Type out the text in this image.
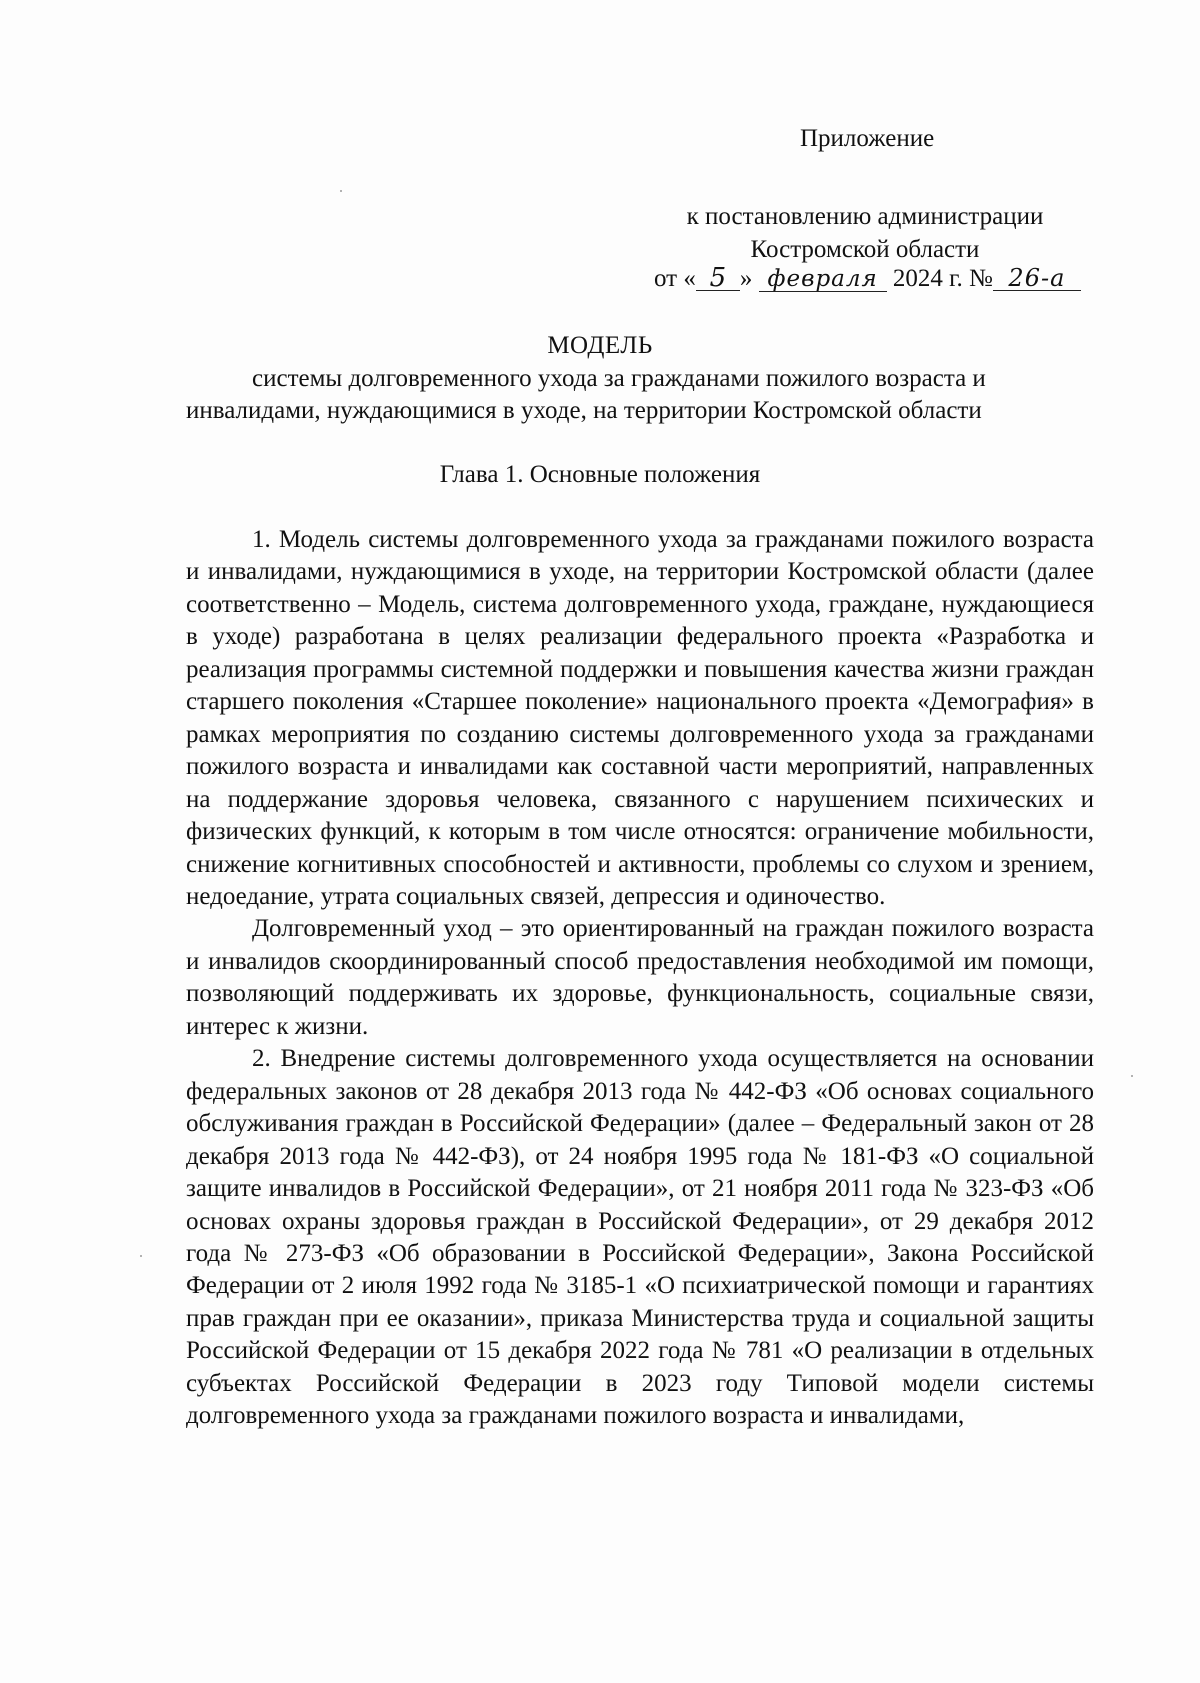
Приложение
к постановлению администрации
Костромской области
от « 5 » февраля 2024 г. № 26-а
МОДЕЛЬ
системы долговременного ухода за гражданами пожилого возраста и
инвалидами, нуждающимися в уходе, на территории Костромской области
Глава 1. Основные положения

1. Модель системы долговременного ухода за гражданами пожилого возраста и инвалидами, нуждающимися в уходе, на территории Костромской области (далее соответственно – Модель, система долговременного ухода, граждане, нуждающиеся в уходе) разработана в целях реализации федерального проекта «Разработка и реализация программы системной поддержки и повышения качества жизни граждан старшего поколения «Старшее поколение» национального проекта «Демография» в рамках мероприятия по созданию системы долговременного ухода за гражданами пожилого возраста и инвалидами как составной части мероприятий, направленных на поддержание здоровья человека, связанного с нарушением психических и физических функций, к которым в том числе относятся: ограничение мобильности, снижение когнитивных способностей и активности, проблемы со слухом и зрением, недоедание, утрата социальных связей, депрессия и одиночество.

Долговременный уход – это ориентированный на граждан пожилого возраста и инвалидов скоординированный способ предоставления необходимой им помощи, позволяющий поддерживать их здоровье, функциональность, социальные связи, интерес к жизни.

2. Внедрение системы долговременного ухода осуществляется на основании федеральных законов от 28 декабря 2013 года № 442-ФЗ «Об основах социального обслуживания граждан в Российской Федерации» (далее – Федеральный закон от 28 декабря 2013 года № 442-ФЗ), от 24 ноября 1995 года № 181-ФЗ «О социальной защите инвалидов в Российской Федерации», от 21 ноября 2011 года № 323-ФЗ «Об основах охраны здоровья граждан в Российской Федерации», от 29 декабря 2012 года № 273-ФЗ «Об образовании в Российской Федерации», Закона Российской Федерации от 2 июля 1992 года № 3185-1 «О психиатрической помощи и гарантиях прав граждан при ее оказании», приказа Министерства труда и социальной защиты Российской Федерации от 15 декабря 2022 года № 781 «О реализации в отдельных субъектах Российской Федерации в 2023 году Типовой модели системы долговременного ухода за гражданами пожилого возраста и инвалидами,
